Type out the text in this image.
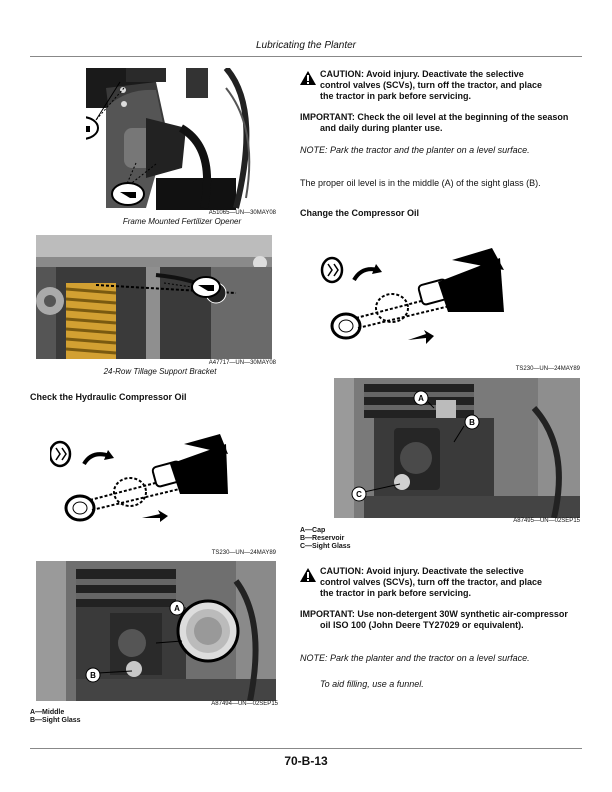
Lubricating the Planter
A51065—UN—30MAY08
Frame Mounted Fertilizer Opener
A47717—UN—30MAY08
24-Row Tillage Support Bracket
Check the Hydraulic Compressor Oil
TS230—UN—24MAY89
A
B
A87494—UN—02SEP15
A—Middle
B—Sight Glass
CAUTION: Avoid injury. Deactivate the selective control valves (SCVs), turn off the tractor, and place the tractor in park before servicing.
IMPORTANT: Check the oil level at the beginning of the season and daily during planter use.
NOTE: Park the tractor and the planter on a level surface.
The proper oil level is in the middle (A) of the sight glass (B).
Change the Compressor Oil
TS230—UN—24MAY89
A
B
C
A87495—UN—02SEP15
A—Cap
B—Reservoir
C—Sight Glass
CAUTION: Avoid injury. Deactivate the selective control valves (SCVs), turn off the tractor, and place the tractor in park before servicing.
IMPORTANT: Use non-detergent 30W synthetic air-compressor oil ISO 100 (John Deere TY27029 or equivalent).
NOTE: Park the planter and the tractor on a level surface.
To aid filling, use a funnel.
70-B-13
